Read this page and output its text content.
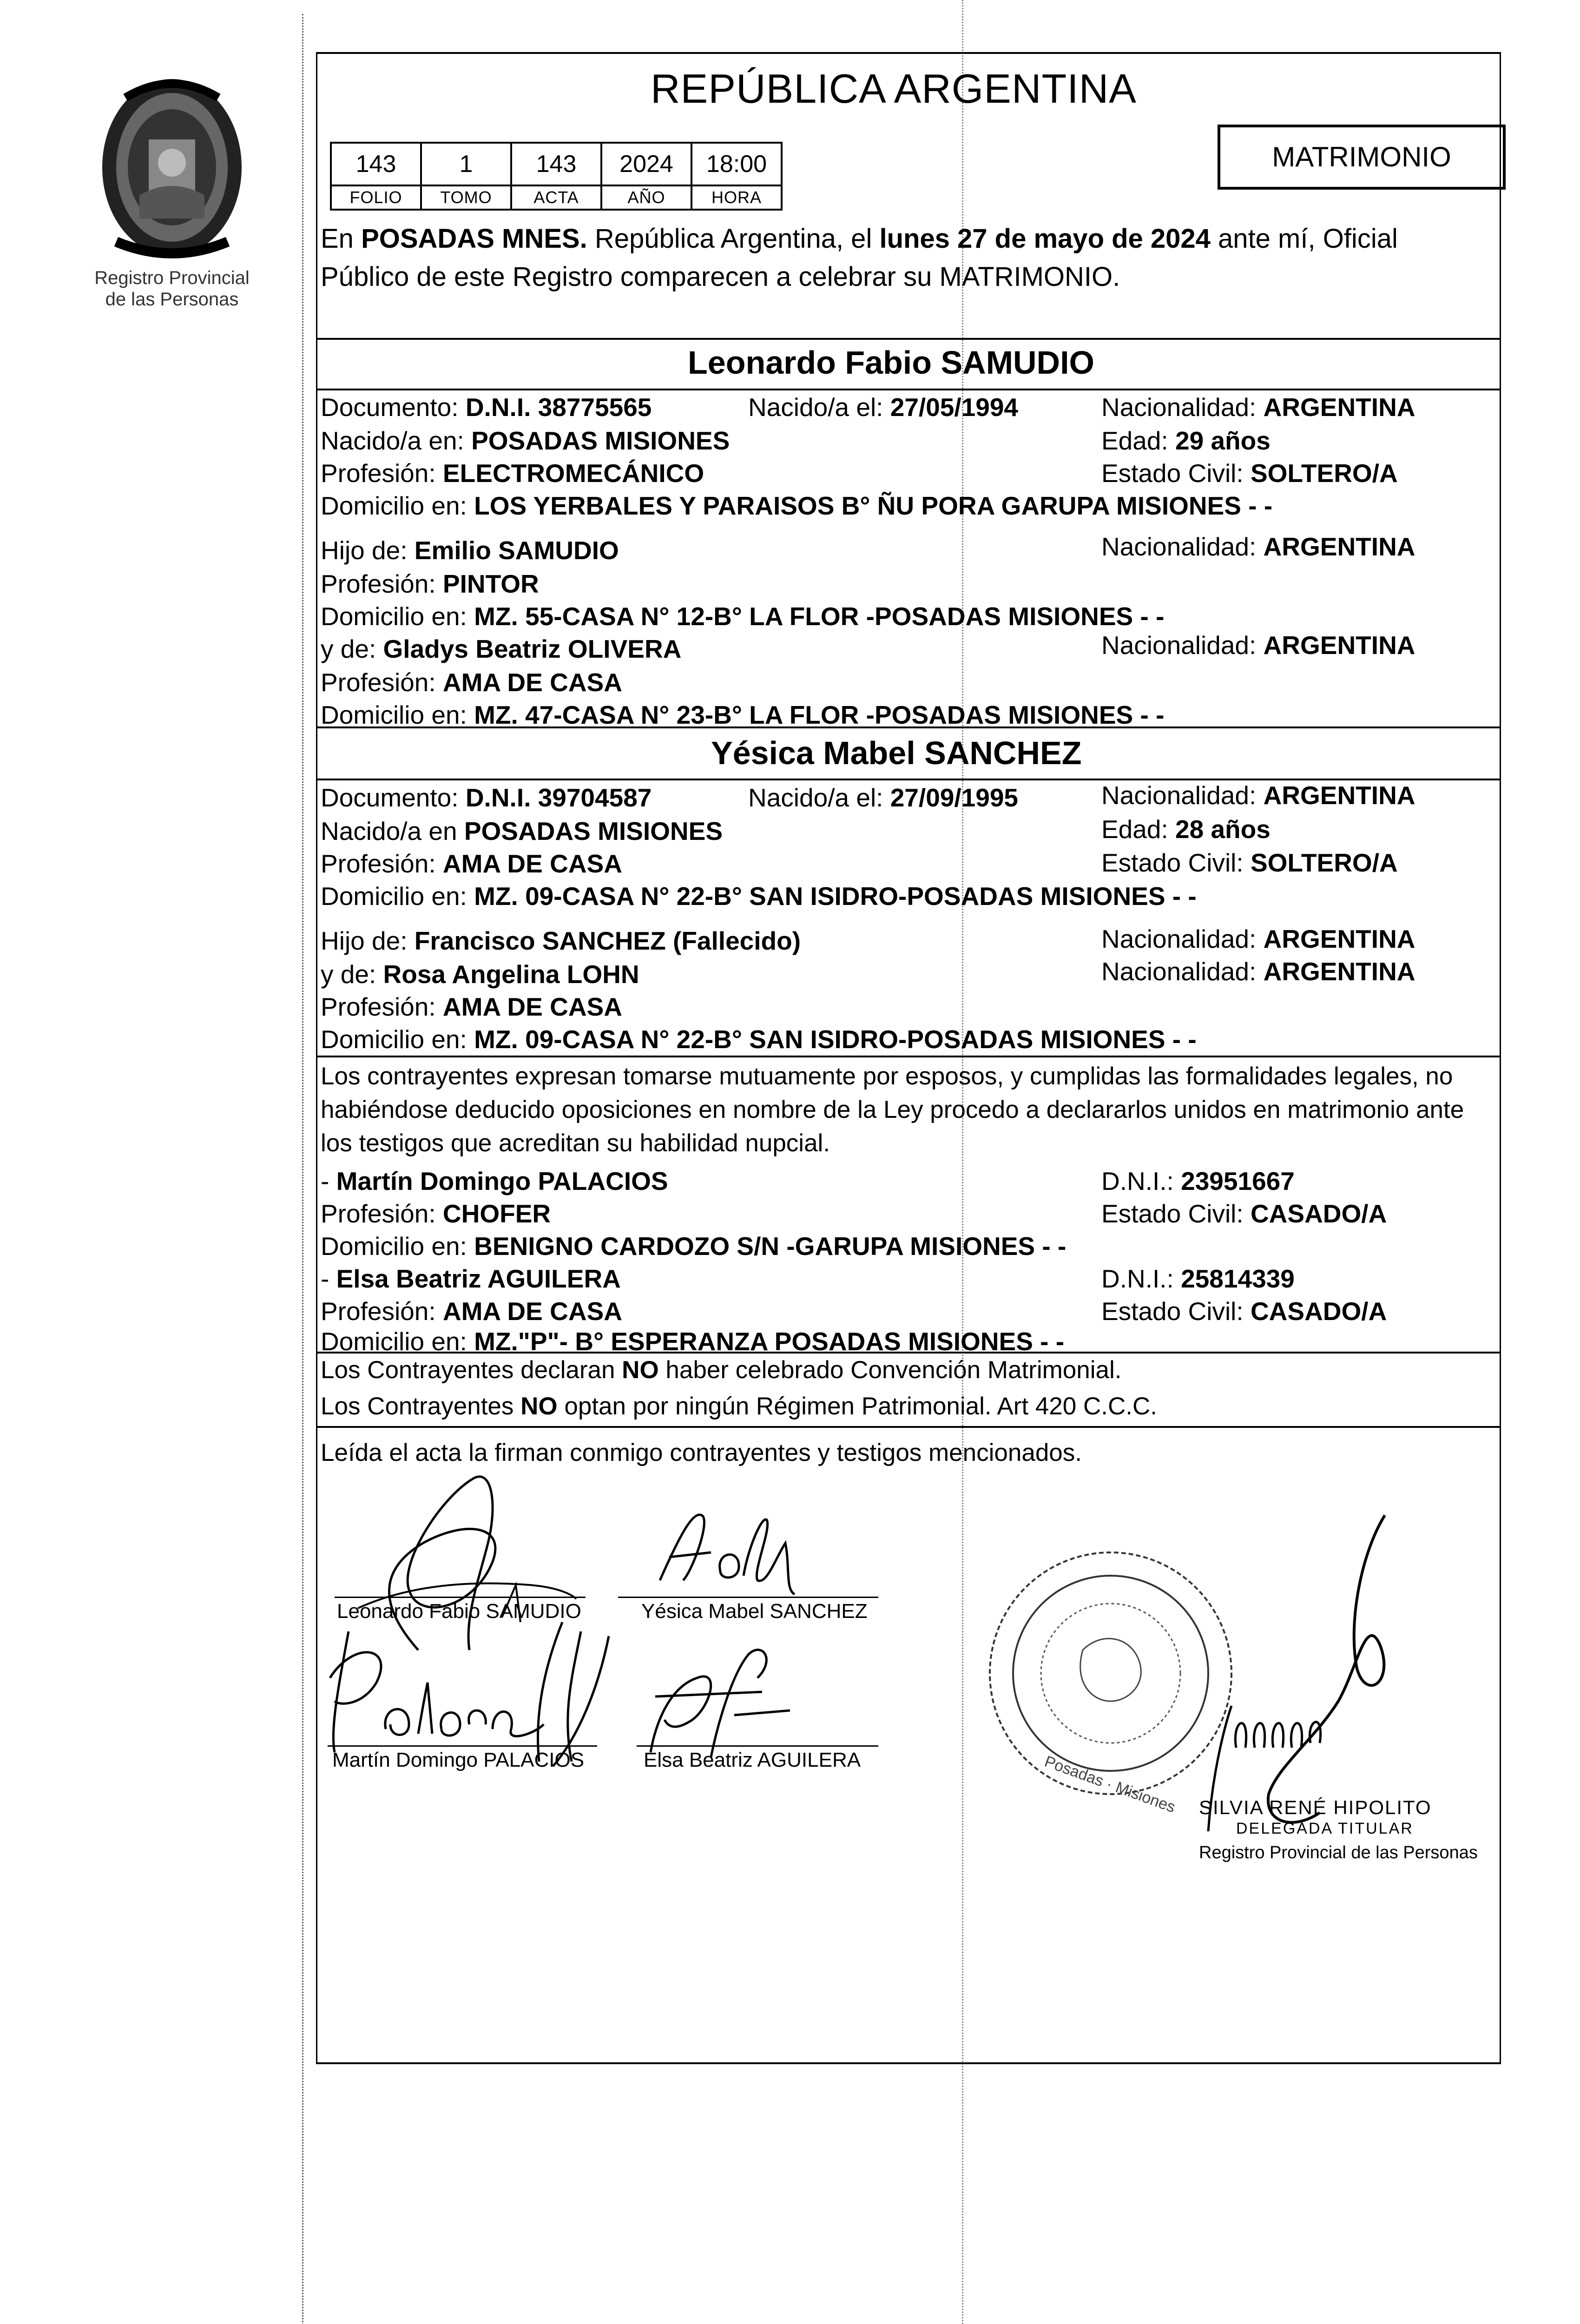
Registro Provincial
de las Personas
REPÚBLICA ARGENTINA
143	1	143	2024	18:00
FOLIO	TOMO	ACTA	AÑO	HORA
MATRIMONIO
En POSADAS MNES. República Argentina, el lunes 27 de mayo de 2024 ante mí, Oficial
Público de este Registro comparecen a celebrar su MATRIMONIO.
Leonardo Fabio SAMUDIO
Documento: D.N.I. 38775565	Nacido/a el: 27/05/1994	Nacionalidad: ARGENTINA
Nacido/a en: POSADAS MISIONES	Edad: 29 años
Profesión: ELECTROMECÁNICO	Estado Civil: SOLTERO/A
Domicilio en: LOS YERBALES Y PARAISOS B° ÑU PORA GARUPA MISIONES - -
Hijo de: Emilio SAMUDIO	Nacionalidad: ARGENTINA
Profesión: PINTOR
Domicilio en: MZ. 55-CASA N° 12-B° LA FLOR -POSADAS MISIONES - -
y de: Gladys Beatriz OLIVERA	Nacionalidad: ARGENTINA
Profesión: AMA DE CASA
Domicilio en: MZ. 47-CASA N° 23-B° LA FLOR -POSADAS MISIONES - -
Yésica Mabel SANCHEZ
Documento: D.N.I. 39704587	Nacido/a el: 27/09/1995	Nacionalidad: ARGENTINA
Nacido/a en POSADAS MISIONES	Edad: 28 años
Profesión: AMA DE CASA	Estado Civil: SOLTERO/A
Domicilio en: MZ. 09-CASA N° 22-B° SAN ISIDRO-POSADAS MISIONES - -
Hijo de: Francisco SANCHEZ (Fallecido)	Nacionalidad: ARGENTINA
y de: Rosa Angelina LOHN	Nacionalidad: ARGENTINA
Profesión: AMA DE CASA
Domicilio en: MZ. 09-CASA N° 22-B° SAN ISIDRO-POSADAS MISIONES - -
Los contrayentes expresan tomarse mutuamente por esposos, y cumplidas las formalidades legales, no
habiéndose deducido oposiciones en nombre de la Ley procedo a declararlos unidos en matrimonio ante
los testigos que acreditan su habilidad nupcial.
- Martín Domingo PALACIOS	D.N.I.: 23951667
Profesión: CHOFER	Estado Civil: CASADO/A
Domicilio en: BENIGNO CARDOZO S/N -GARUPA MISIONES - -
- Elsa Beatriz AGUILERA	D.N.I.: 25814339
Profesión: AMA DE CASA	Estado Civil: CASADO/A
Domicilio en: MZ."P"- B° ESPERANZA POSADAS MISIONES - -
Los Contrayentes declaran NO haber celebrado Convención Matrimonial.
Los Contrayentes NO optan por ningún Régimen Patrimonial. Art 420 C.C.C.
Leída el acta la firman conmigo contrayentes y testigos mencionados.
Leonardo Fabio SAMUDIO	Yésica Mabel SANCHEZ
Martín Domingo PALACIOS	Elsa Beatriz AGUILERA	Posadas · Misiones SILVIA RENÉ HIPOLITO
DELEGADA TITULAR
Registro Provincial de las Personas
